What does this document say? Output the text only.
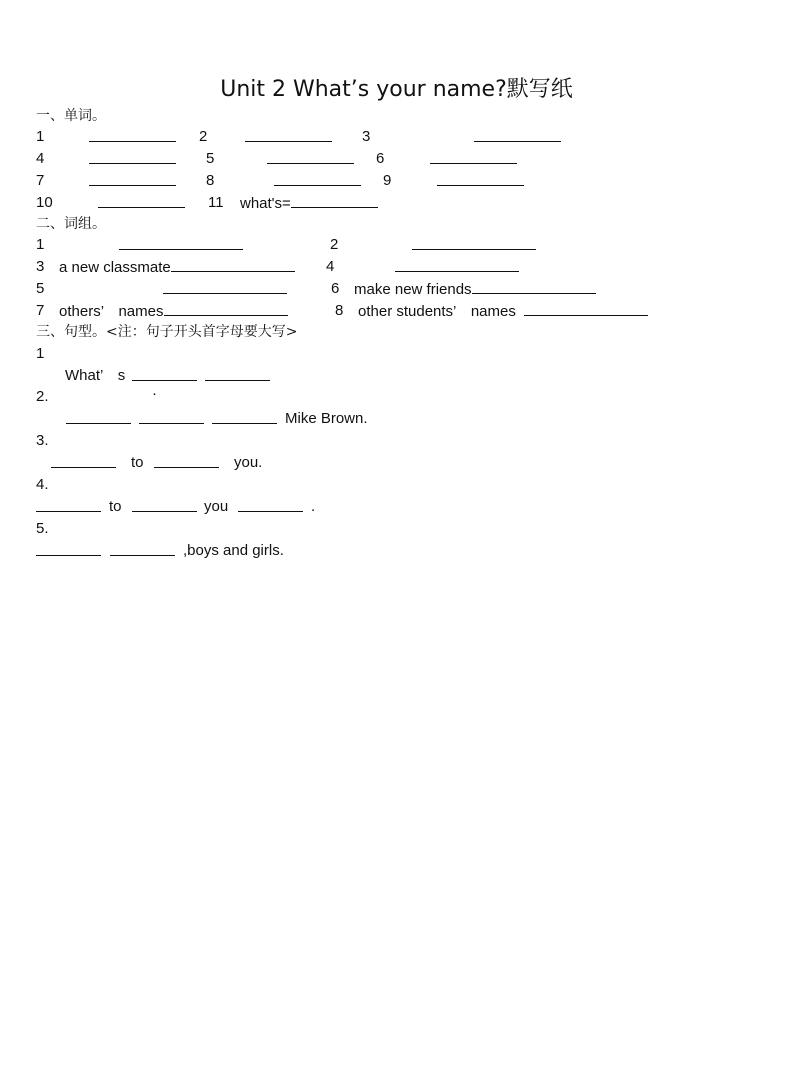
Unit 2 What’s your name?默写纸
一、单词。
1	2	3
4	5	6
7	8	9
10	11 what's=
二、词组。
1	2
3 a new classmate	4
5	6 make new friends
7 others’　names	8 other students’　names
三、句型。<注：句子开头首字母要大写>
1
What’　s
2.	·
Mike Brown.
3.
to	you.
4.
to	you	.
5.
,boys and girls.
